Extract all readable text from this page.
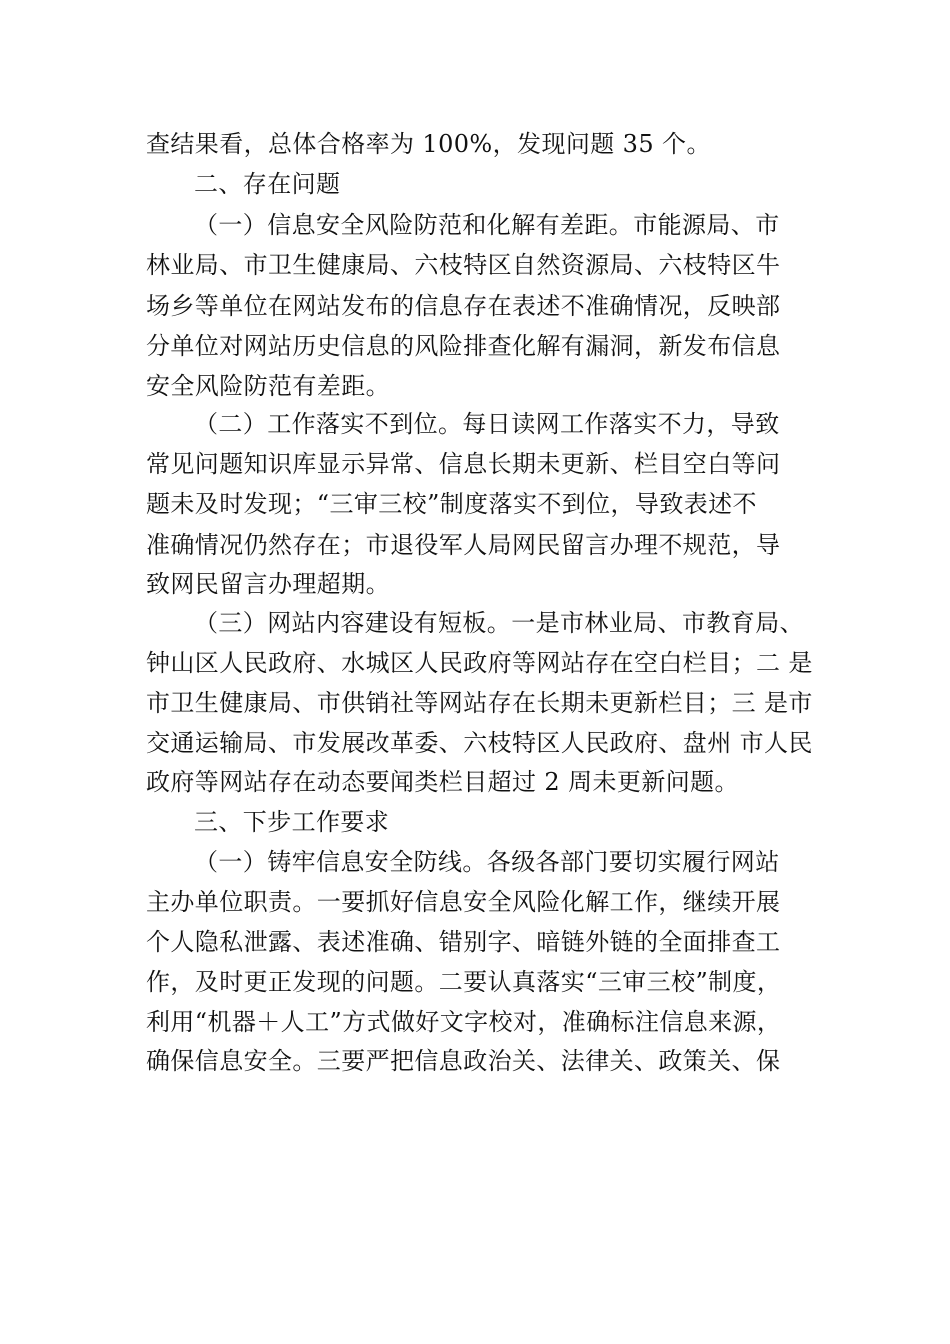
查结果看，总体合格率为 100%，发现问题 35 个。
二、存在问题
（一）信息安全风险防范和化解有差距。市能源局、市
林业局、市卫生健康局、六枝特区自然资源局、六枝特区牛
场乡等单位在网站发布的信息存在表述不准确情况，反映部
分单位对网站历史信息的风险排查化解有漏洞，新发布信息
安全风险防范有差距。
（二）工作落实不到位。每日读网工作落实不力，导致
常见问题知识库显示异常、信息长期未更新、栏目空白等问
题未及时发现；“三审三校”制度落实不到位，导致表述不
准确情况仍然存在；市退役军人局网民留言办理不规范，导
致网民留言办理超期。
（三）网站内容建设有短板。一是市林业局、市教育局、
钟山区人民政府、水城区人民政府等网站存在空白栏目；二 是
市卫生健康局、市供销社等网站存在长期未更新栏目；三 是市
交通运输局、市发展改革委、六枝特区人民政府、盘州 市人民
政府等网站存在动态要闻类栏目超过 2 周未更新问题。
三、下步工作要求
（一）铸牢信息安全防线。各级各部门要切实履行网站
主办单位职责。一要抓好信息安全风险化解工作，继续开展
个人隐私泄露、表述准确、错别字、暗链外链的全面排查工
作，及时更正发现的问题。二要认真落实“三审三校”制度，
利用“机器＋人工”方式做好文字校对，准确标注信息来源，
确保信息安全。三要严把信息政治关、法律关、政策关、保
